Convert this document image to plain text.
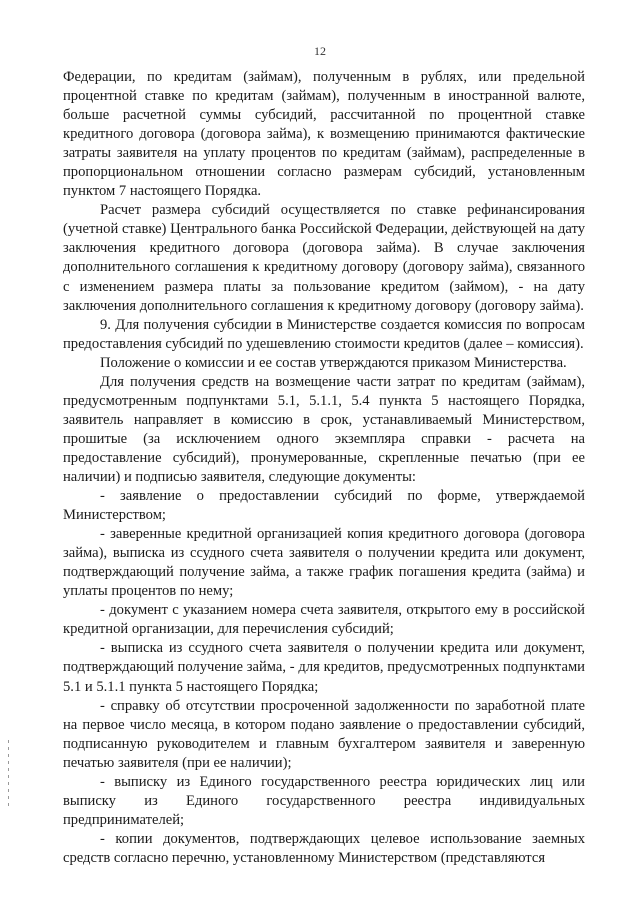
12

Федерации, по кредитам (займам), полученным в рублях, или предельной процентной ставке по кредитам (займам), полученным в иностранной валюте, больше расчетной суммы субсидий, рассчитанной по процентной ставке кредитного договора (договора займа), к возмещению принимаются фактические затраты заявителя на уплату процентов по кредитам (займам), распределенные в пропорциональном отношении согласно размерам субсидий, установленным пунктом 7 настоящего Порядка.

Расчет размера субсидий осуществляется по ставке рефинансирования (учетной ставке) Центрального банка Российской Федерации, действующей на дату заключения кредитного договора (договора займа). В случае заключения дополнительного соглашения к кредитному договору (договору займа), связанного с изменением размера платы за пользование кредитом (займом), - на дату заключения дополнительного соглашения к кредитному договору (договору займа).

9. Для получения субсидии в Министерстве создается комиссия по вопросам предоставления субсидий по удешевлению стоимости кредитов (далее – комиссия).

Положение о комиссии и ее состав утверждаются приказом Министерства.

Для получения средств на возмещение части затрат по кредитам (займам), предусмотренным подпунктами 5.1, 5.1.1, 5.4 пункта 5 настоящего Порядка, заявитель направляет в комиссию в срок, устанавливаемый Министерством, прошитые (за исключением одного экземпляра справки - расчета на предоставление субсидий), пронумерованные, скрепленные печатью (при ее наличии) и подписью заявителя, следующие документы:

- заявление о предоставлении субсидий по форме, утверждаемой Министерством;

- заверенные кредитной организацией копия кредитного договора (договора займа), выписка из ссудного счета заявителя о получении кредита или документ, подтверждающий получение займа, а также график погашения кредита (займа) и уплаты процентов по нему;

- документ с указанием номера счета заявителя, открытого ему в российской кредитной организации, для перечисления субсидий;

- выписка из ссудного счета заявителя о получении кредита или документ, подтверждающий получение займа, - для кредитов, предусмотренных подпунктами 5.1 и 5.1.1 пункта 5 настоящего Порядка;

- справку об отсутствии просроченной задолженности по заработной плате на первое число месяца, в котором подано заявление о предоставлении субсидий, подписанную руководителем и главным бухгалтером заявителя и заверенную печатью заявителя (при ее наличии);

- выписку из Единого государственного реестра юридических лиц или выписку из Единого государственного реестра индивидуальных предпринимателей;

- копии документов, подтверждающих целевое использование заемных средств согласно перечню, установленному Министерством (представляются
